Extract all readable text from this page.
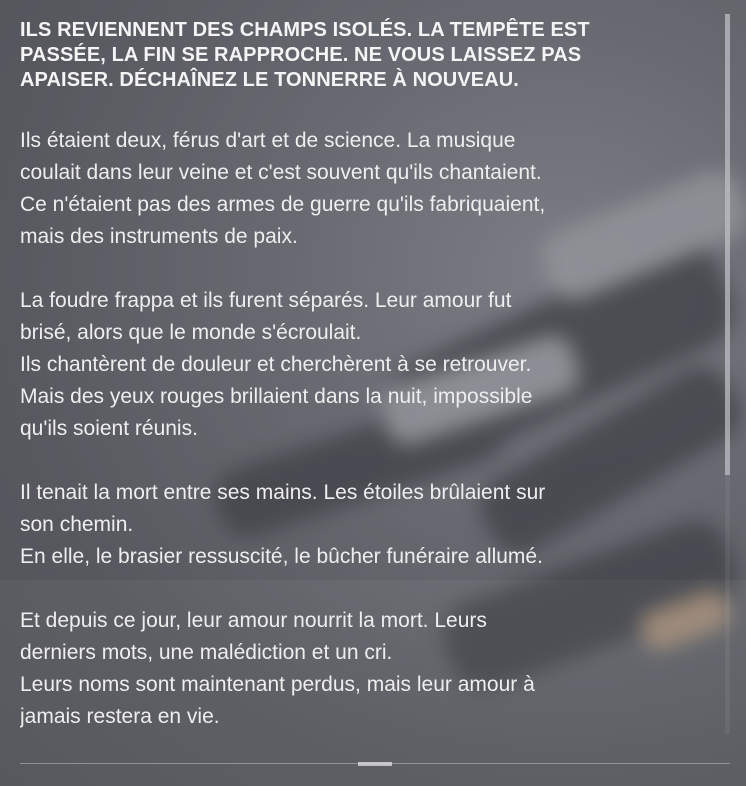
ILS REVIENNENT DES CHAMPS ISOLÉS. LA TEMPÊTE EST
PASSÉE, LA FIN SE RAPPROCHE. NE VOUS LAISSEZ PAS
APAISER. DÉCHAÎNEZ LE TONNERRE À NOUVEAU.

Ils étaient deux, férus d'art et de science. La musique
coulait dans leur veine et c'est souvent qu'ils chantaient.
Ce n'étaient pas des armes de guerre qu'ils fabriquaient,
mais des instruments de paix.

La foudre frappa et ils furent séparés. Leur amour fut
brisé, alors que le monde s'écroulait.
Ils chantèrent de douleur et cherchèrent à se retrouver.
Mais des yeux rouges brillaient dans la nuit, impossible
qu'ils soient réunis.

Il tenait la mort entre ses mains. Les étoiles brûlaient sur
son chemin.
En elle, le brasier ressuscité, le bûcher funéraire allumé.

Et depuis ce jour, leur amour nourrit la mort. Leurs
derniers mots, une malédiction et un cri.
Leurs noms sont maintenant perdus, mais leur amour à
jamais restera en vie.
